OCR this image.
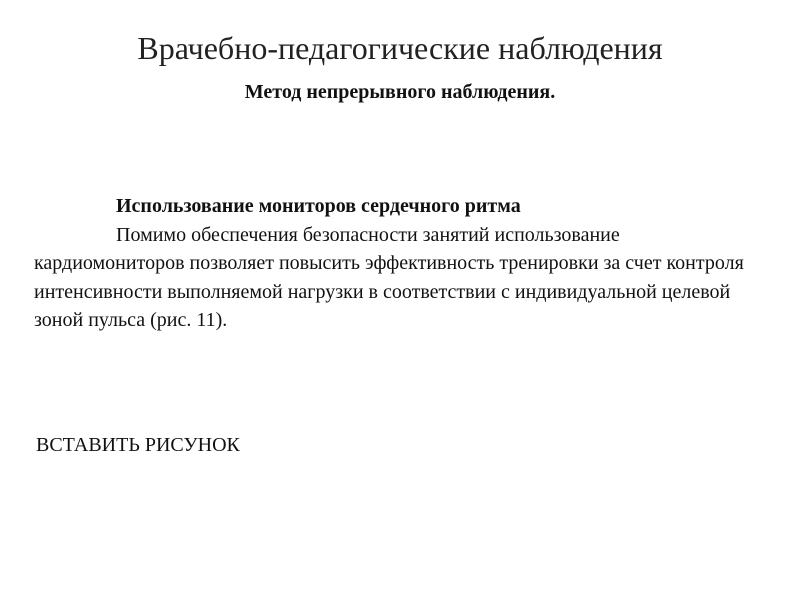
Врачебно-педагогические наблюдения
Метод непрерывного наблюдения.
Использование мониторов сердечного ритма

Помимо обеспечения безопасности занятий использование кардиомониторов позволяет повысить эффективность тренировки за счет контроля интенсивности выполняемой нагрузки в соответствии с индивидуальной целевой зоной пульса (рис. 11).

ВСТАВИТЬ РИСУНОК
